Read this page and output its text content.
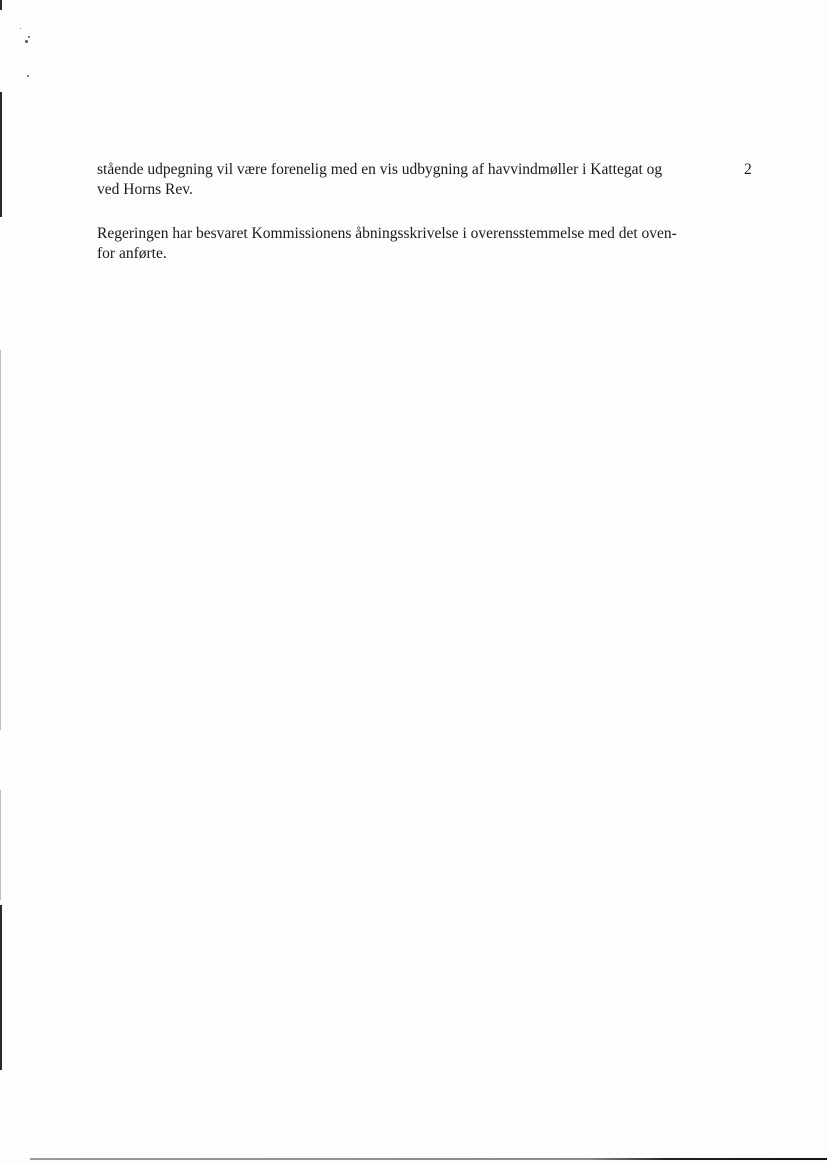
2

stående udpegning vil være forenelig med en vis udbygning af havvindmøller i Kattegat og
ved Horns Rev.

Regeringen har besvaret Kommissionens åbningsskrivelse i overensstemmelse med det oven-
for anførte.
